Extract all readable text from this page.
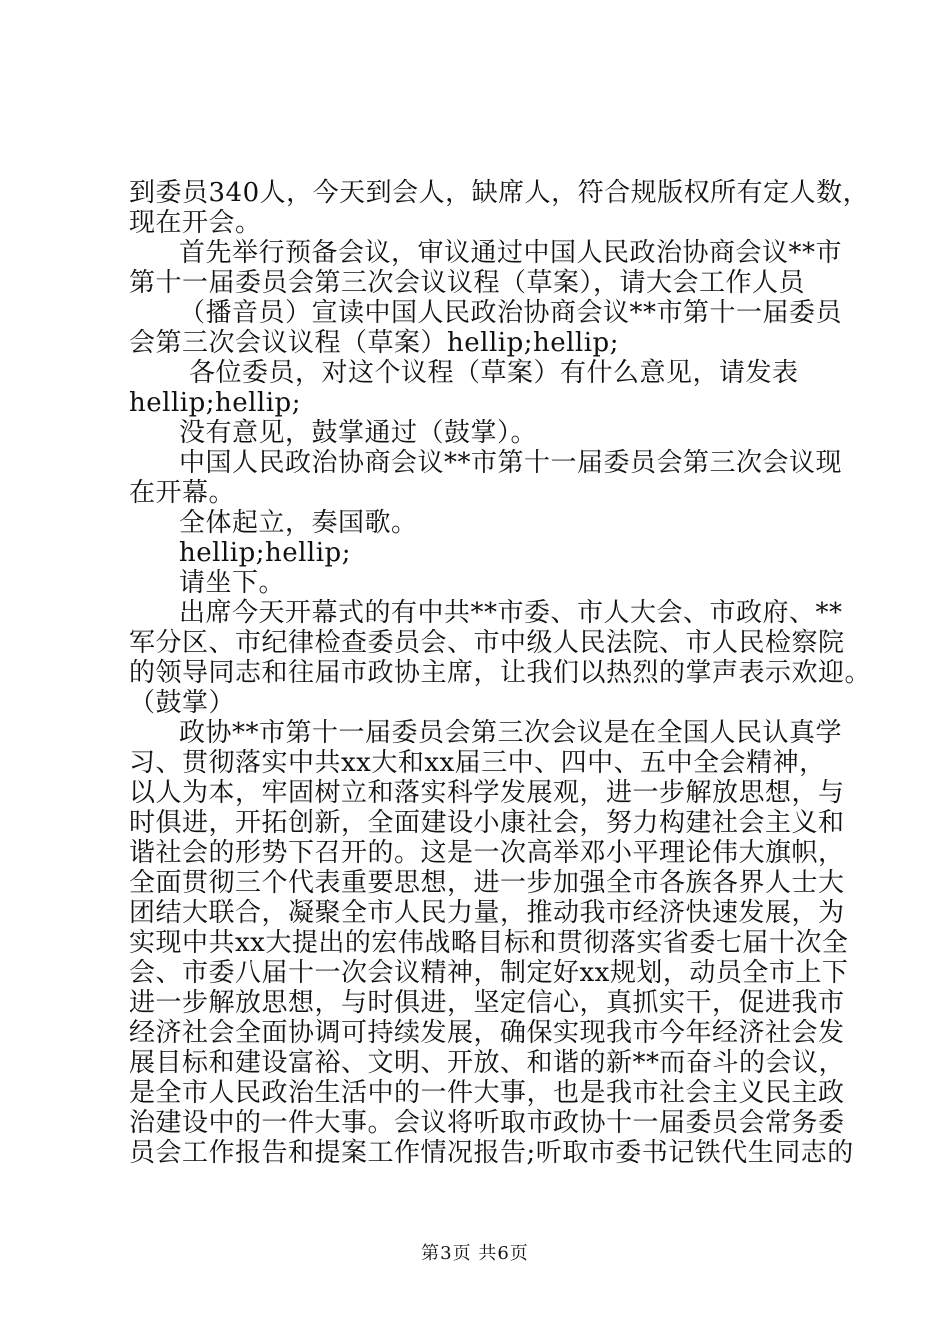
到委员340人，今天到会人，缺席人，符合规版权所有定人数，
现在开会。
首先举行预备会议，审议通过中国人民政治协商会议**市
第十一届委员会第三次会议议程（草案），请大会工作人员
（播音员）宣读中国人民政治协商会议**市第十一届委员
会第三次会议议程（草案）hellip;hellip;
各位委员，对这个议程（草案）有什么意见，请发表
hellip;hellip;
没有意见，鼓掌通过（鼓掌）。
中国人民政治协商会议**市第十一届委员会第三次会议现
在开幕。
全体起立，奏国歌。
hellip;hellip;
请坐下。
出席今天开幕式的有中共**市委、市人大会、市政府、**
军分区、市纪律检查委员会、市中级人民法院、市人民检察院
的领导同志和往届市政协主席，让我们以热烈的掌声表示欢迎。
（鼓掌）
政协**市第十一届委员会第三次会议是在全国人民认真学
习、贯彻落实中共xx大和xx届三中、四中、五中全会精神，
以人为本，牢固树立和落实科学发展观，进一步解放思想，与
时俱进，开拓创新，全面建设小康社会，努力构建社会主义和
谐社会的形势下召开的。这是一次高举邓小平理论伟大旗帜，
全面贯彻三个代表重要思想，进一步加强全市各族各界人士大
团结大联合，凝聚全市人民力量，推动我市经济快速发展，为
实现中共xx大提出的宏伟战略目标和贯彻落实省委七届十次全
会、市委八届十一次会议精神，制定好xx规划，动员全市上下
进一步解放思想，与时俱进，坚定信心，真抓实干，促进我市
经济社会全面协调可持续发展，确保实现我市今年经济社会发
展目标和建设富裕、文明、开放、和谐的新**而奋斗的会议，
是全市人民政治生活中的一件大事，也是我市社会主义民主政
治建设中的一件大事。会议将听取市政协十一届委员会常务委
员会工作报告和提案工作情况报告;听取市委书记铁代生同志的
第3页 共6页
